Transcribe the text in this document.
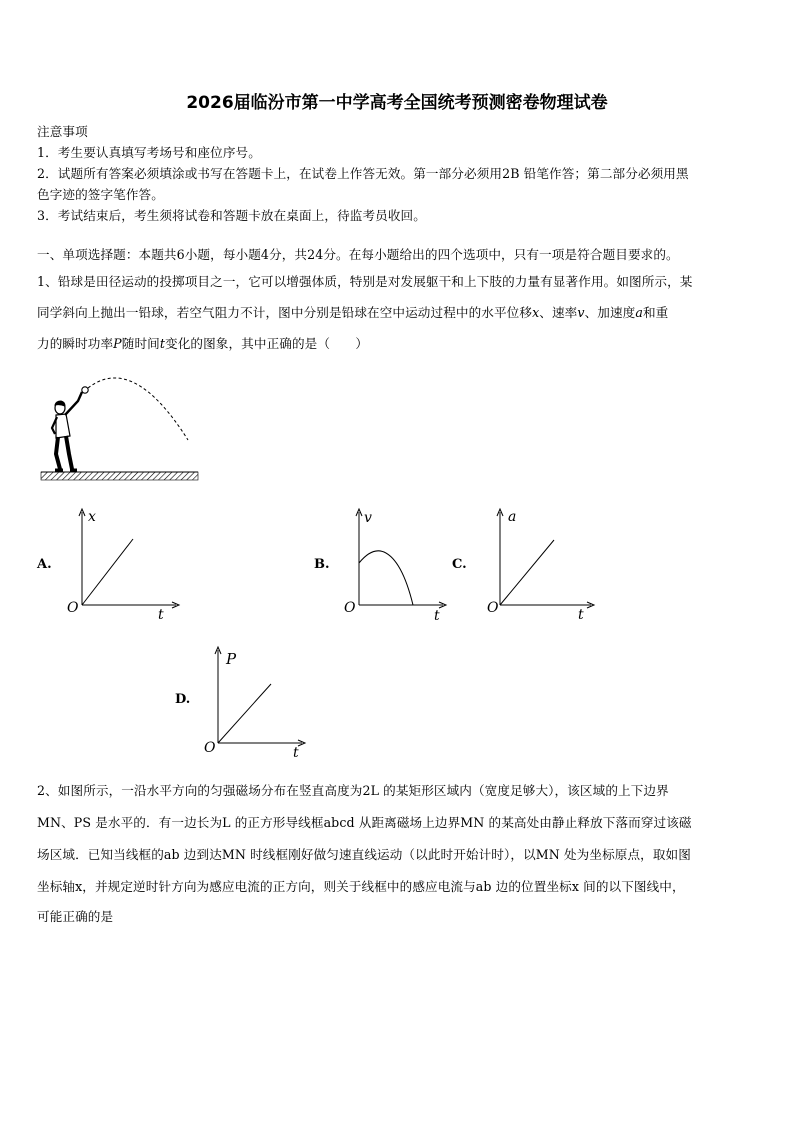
2026届临汾市第一中学高考全国统考预测密卷物理试卷
注意事项
1．考生要认真填写考场号和座位序号。
2．试题所有答案必须填涂或书写在答题卡上，在试卷上作答无效。第一部分必须用2B 铅笔作答；第二部分必须用黑
色字迹的签字笔作答。
3．考试结束后，考生须将试卷和答题卡放在桌面上，待监考员收回。
一、单项选择题：本题共6小题，每小题4分，共24分。在每小题给出的四个选项中，只有一项是符合题目要求的。
1、铅球是田径运动的投掷项目之一，它可以增强体质，特别是对发展躯干和上下肢的力量有显著作用。如图所示，某
同学斜向上抛出一铅球，若空气阻力不计，图中分别是铅球在空中运动过程中的水平位移x、速率v、加速度a和重
力的瞬时功率P随时间t变化的图象，其中正确的是（　　）
A.
x
t
O
B.
v
t
O
C.
a
t
O
D.
P
t
O
2、如图所示，一沿水平方向的匀强磁场分布在竖直高度为2L 的某矩形区域内（宽度足够大），该区域的上下边界
MN、PS 是水平的．有一边长为L 的正方形导线框abcd 从距离磁场上边界MN 的某高处由静止释放下落而穿过该磁
场区域．已知当线框的ab 边到达MN 时线框刚好做匀速直线运动（以此时开始计时），以MN 处为坐标原点，取如图
坐标轴x，并规定逆时针方向为感应电流的正方向，则关于线框中的感应电流与ab 边的位置坐标x 间的以下图线中，
可能正确的是
